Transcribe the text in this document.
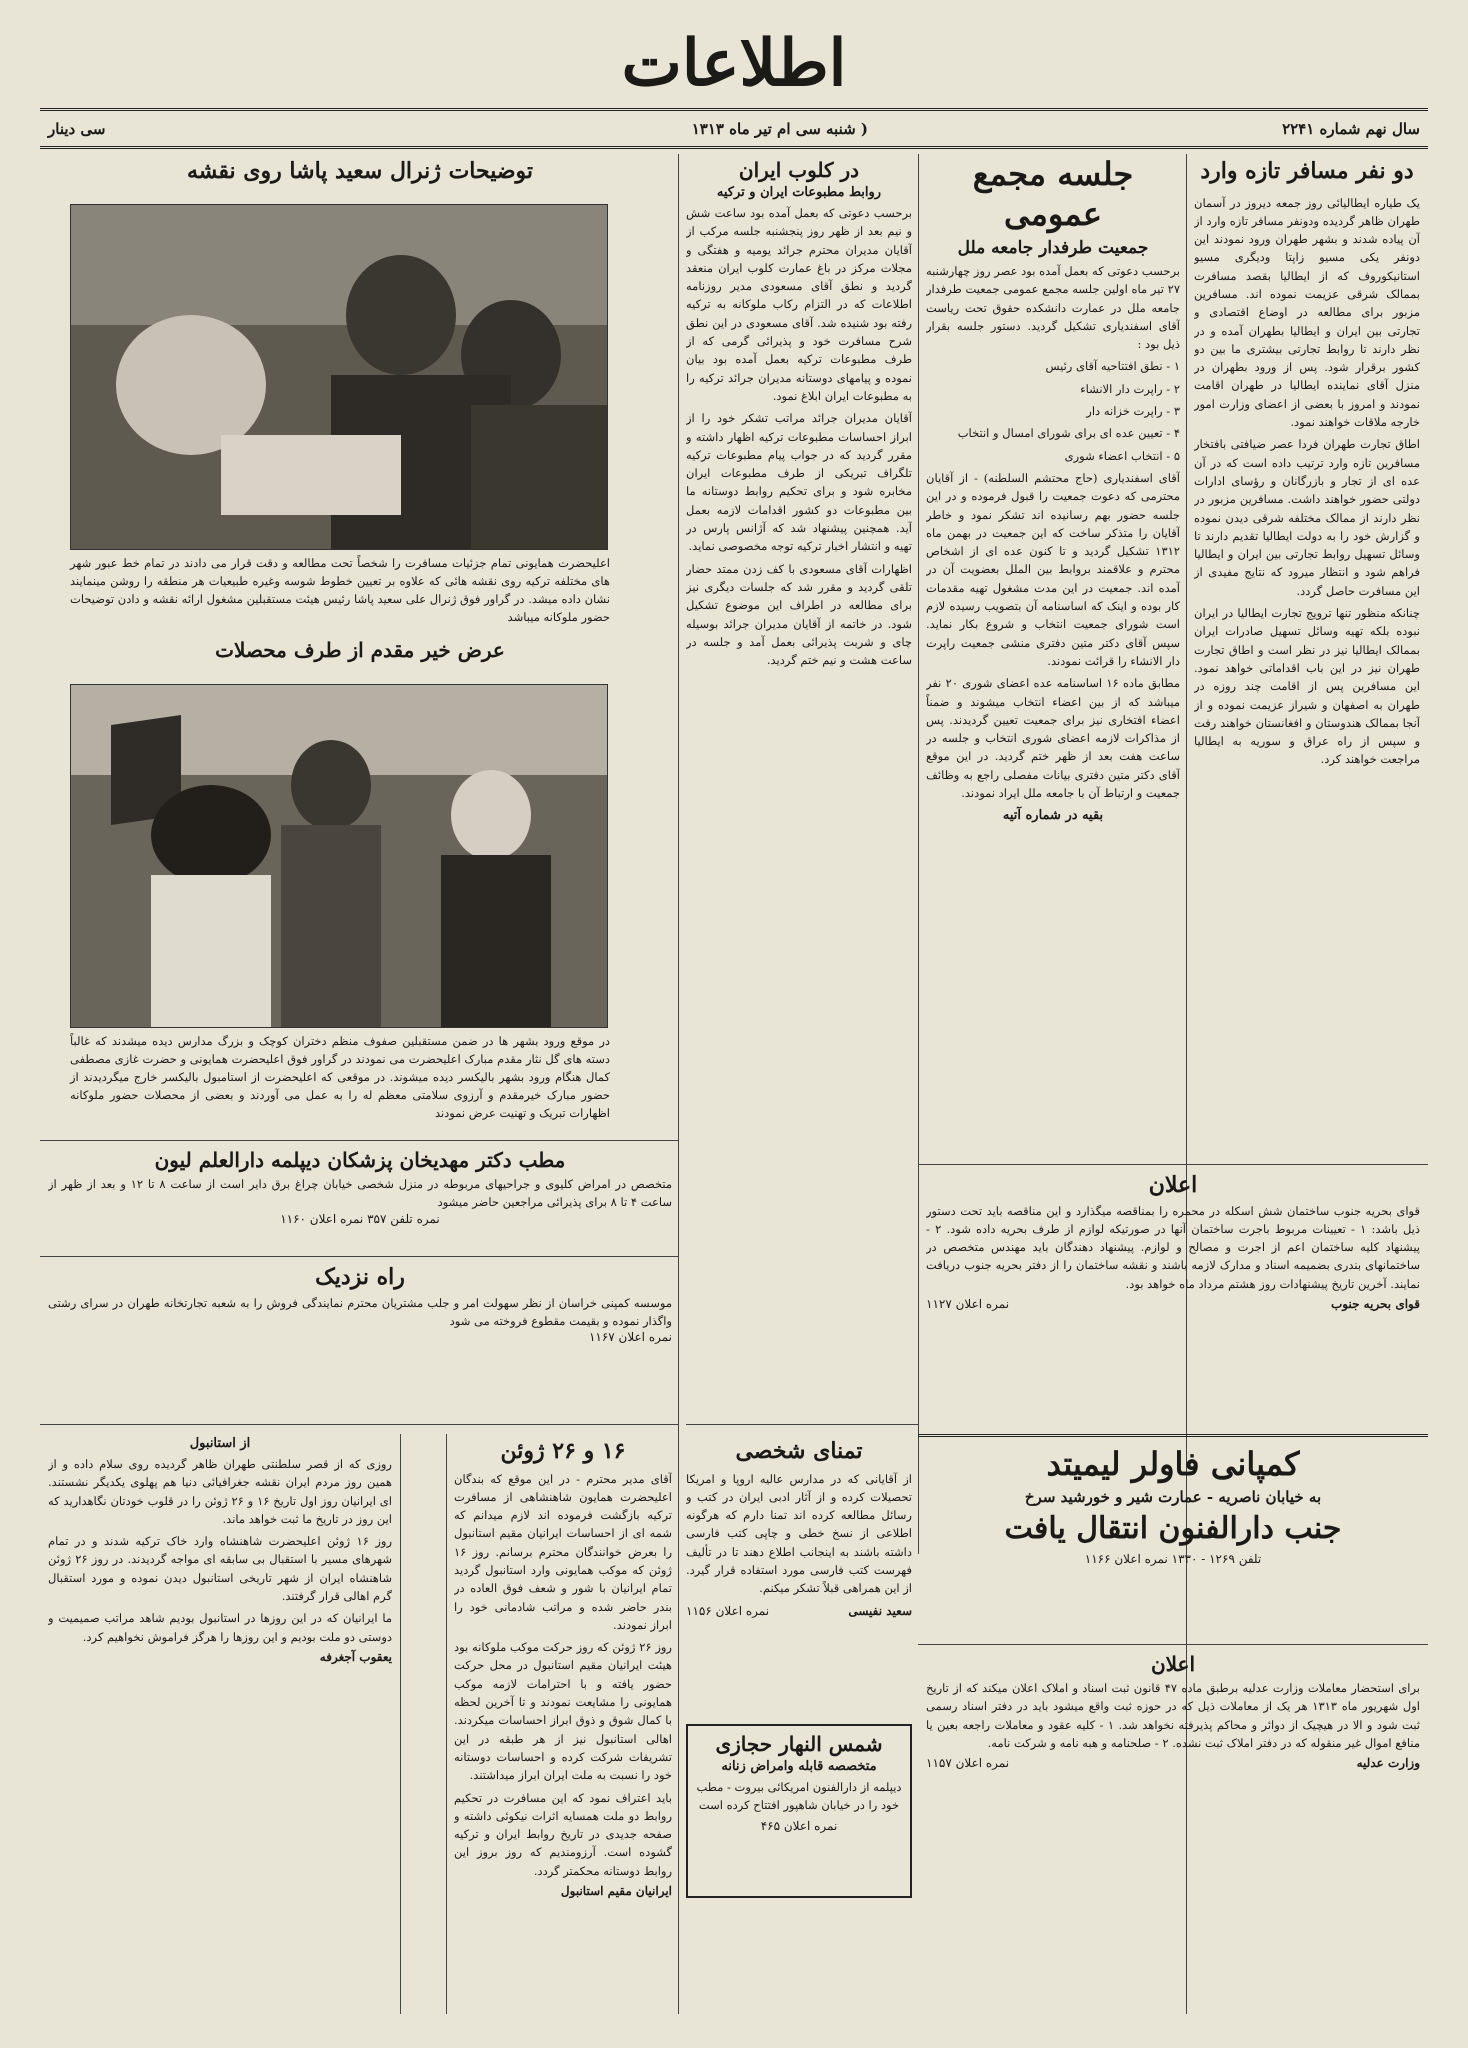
اطلاعات
سال نهم شماره ۲۲۴۱
( شنبه سی ام تیر ماه ۱۳۱۳
سی دینار
دو نفر مسافر تازه وارد

یک طیاره ایطالیائی روز جمعه دیروز در آسمان طهران ظاهر گردیده ودونفر مسافر تازه وارد از آن پیاده شدند و بشهر طهران ورود نمودند این دونفر یکی مسیو زاپتا ودیگری مسیو استانیکوروف که از ایطالیا بقصد مسافرت بممالک شرقی عزیمت نموده اند. مسافرین مزبور برای مطالعه در اوضاع اقتصادی و تجارتی بین ایران و ایطالیا بطهران آمده و در نظر دارند تا روابط تجارتی بیشتری ما بین دو کشور برقرار شود. پس از ورود بطهران در منزل آقای نماینده ایطالیا در طهران اقامت نمودند و امروز با بعضی از اعضای وزارت امور خارجه ملاقات خواهند نمود.

اطاق تجارت طهران فردا عصر ضیافتی بافتخار مسافرین تازه وارد ترتیب داده است که در آن عده ای از تجار و بازرگانان و رؤسای ادارات دولتی حضور خواهند داشت. مسافرین مزبور در نظر دارند از ممالک مختلفه شرقی دیدن نموده و گزارش خود را به دولت ایطالیا تقدیم دارند تا وسائل تسهیل روابط تجارتی بین ایران و ایطالیا فراهم شود و انتظار میرود که نتایج مفیدی از این مسافرت حاصل گردد.

چنانکه منظور تنها ترویج تجارت ایطالیا در ایران نبوده بلکه تهیه وسائل تسهیل صادرات ایران بممالک ایطالیا نیز در نظر است و اطاق تجارت طهران نیز در این باب اقداماتی خواهد نمود. این مسافرین پس از اقامت چند روزه در طهران به اصفهان و شیراز عزیمت نموده و از آنجا بممالک هندوستان و افغانستان خواهند رفت و سپس از راه عراق و سوریه به ایطالیا مراجعت خواهند کرد.

جلسه مجمع عمومی
جمعیت طرفدار جامعه ملل

برحسب دعوتی که بعمل آمده بود عصر روز چهارشنبه ۲۷ تیر ماه اولین جلسه مجمع عمومی جمعیت طرفدار جامعه ملل در عمارت دانشکده حقوق تحت ریاست آقای اسفندیاری تشکیل گردید. دستور جلسه بقرار ذیل بود :

۱ - نطق افتتاحیه آقای رئیس

۲ - راپرت دار الانشاء

۳ - راپرت خزانه دار

۴ - تعیین عده ای برای شورای امسال و انتخاب

۵ - انتخاب اعضاء شوری

آقای اسفندیاری (حاج محتشم السلطنه) - از آقایان محترمی که دعوت جمعیت را قبول فرموده و در این جلسه حضور بهم رسانیده اند تشکر نمود و خاطر آقایان را متذکر ساخت که این جمعیت در بهمن ماه ۱۳۱۲ تشکیل گردید و تا کنون عده ای از اشخاص محترم و علاقمند بروابط بین الملل بعضویت آن در آمده اند. جمعیت در این مدت مشغول تهیه مقدمات کار بوده و اینک که اساسنامه آن بتصویب رسیده لازم است شورای جمعیت انتخاب و شروع بکار نماید. سپس آقای دکتر متین دفتری منشی جمعیت راپرت دار الانشاء را قرائت نمودند.

مطابق ماده ۱۶ اساسنامه عده اعضای شوری ۲۰ نفر میباشد که از بین اعضاء انتخاب میشوند و ضمناً اعضاء افتخاری نیز برای جمعیت تعیین گردیدند. پس از مذاکرات لازمه اعضای شوری انتخاب و جلسه در ساعت هفت بعد از ظهر ختم گردید. در این موقع آقای دکتر متین دفتری بیانات مفصلی راجع به وظائف جمعیت و ارتباط آن با جامعه ملل ایراد نمودند.

بقیه در شماره آتیه
در کلوب ایران
روابط مطبوعات ایران و ترکیه

برحسب دعوتی که بعمل آمده بود ساعت شش و نیم بعد از ظهر روز پنجشنبه جلسه مرکب از آقایان مدیران محترم جرائد یومیه و هفتگی و مجلات مرکز در باغ عمارت کلوب ایران منعقد گردید و نطق آقای مسعودی مدیر روزنامه اطلاعات که در التزام رکاب ملوکانه به ترکیه رفته بود شنیده شد. آقای مسعودی در این نطق شرح مسافرت خود و پذیرائی گرمی که از طرف مطبوعات ترکیه بعمل آمده بود بیان نموده و پیامهای دوستانه مدیران جرائد ترکیه را به مطبوعات ایران ابلاغ نمود.

آقایان مدیران جرائد مراتب تشکر خود را از ابراز احساسات مطبوعات ترکیه اظهار داشته و مقرر گردید که در جواب پیام مطبوعات ترکیه تلگراف تبریکی از طرف مطبوعات ایران مخابره شود و برای تحکیم روابط دوستانه ما بین مطبوعات دو کشور اقدامات لازمه بعمل آید. همچنین پیشنهاد شد که آژانس پارس در تهیه و انتشار اخبار ترکیه توجه مخصوصی نماید.

اظهارات آقای مسعودی با کف زدن ممتد حضار تلقی گردید و مقرر شد که جلسات دیگری نیز برای مطالعه در اطراف این موضوع تشکیل شود. در خاتمه از آقایان مدیران جرائد بوسیله چای و شربت پذیرائی بعمل آمد و جلسه در ساعت هشت و نیم ختم گردید.

تمنای شخصی
از آقایانی که در مدارس عالیه اروپا و امریکا تحصیلات کرده و از آثار ادبی ایران در کتب و رسائل مطالعه کرده اند تمنا دارم که هرگونه اطلاعی از نسخ خطی و چاپی کتب فارسی داشته باشند به اینجانب اطلاع دهند تا در تألیف فهرست کتب فارسی مورد استفاده قرار گیرد. از این همراهی قبلاً تشکر میکنم.
سعید نفیسی
نمره اعلان ۱۱۵۶
شمس النهار حجازی
متخصصه قابله وامراض زنانه
دیپلمه از دارالفنون امریکائی بیروت - مطب خود را در خیابان شاهپور افتتاح کرده است
نمره اعلان ۴۶۵
توضیحات ژنرال سعید پاشا روی نقشه
اعلیحضرت همایونی تمام جزئیات مسافرت را شخصاً تحت مطالعه و دقت قرار می دادند در تمام خط عبور شهر های مختلفه ترکیه روی نقشه هائی که علاوه بر تعیین خطوط شوسه وغیره طبیعیات هر منطقه را روشن مینمایند نشان داده میشد. در گراور فوق ژنرال علی سعید پاشا رئیس هیئت مستقبلین مشغول ارائه نقشه و دادن توضیحات حضور ملوکانه میباشد
عرض خیر مقدم از طرف محصلات
در موقع ورود بشهر ها در ضمن مستقبلین صفوف منظم دختران کوچک و بزرگ مدارس دیده میشدند که غالباً دسته های گل نثار مقدم مبارک اعلیحضرت می نمودند در گراور فوق اعلیحضرت همایونی و حضرت غازی مصطفی کمال هنگام ورود بشهر بالیکسر دیده میشوند. در موقعی که اعلیحضرت از استامبول بالیکسر خارج میگردیدند از حضور مبارک خیرمقدم و آرزوی سلامتی معظم له را به عمل می آوردند و بعضی از محصلات حضور ملوکانه اظهارات تبریک و تهنیت عرض نمودند
مطب دکتر مهدیخان پزشکان دیپلمه دارالعلم لیون
متخصص در امراض کلیوی و جراحیهای مربوطه در منزل شخصی خیابان چراغ برق دایر است از ساعت ۸ تا ۱۲ و بعد از ظهر از ساعت ۴ تا ۸ برای پذیرائی مراجعین حاضر میشود
نمره تلفن ۳۵۷ نمره اعلان ۱۱۶۰
راه نزدیک
موسسه کمپنی خراسان از نظر سهولت امر و جلب مشتریان محترم نمایندگی فروش را به شعبه تجارتخانه طهران در سرای رشتی واگذار نموده و بقیمت مقطوع فروخته می شود
نمره اعلان ۱۱۶۷
اعلان
قوای بحریه جنوب ساختمان شش اسکله در محمره را بمناقصه میگذارد و این مناقصه باید تحت دستور ذیل باشد: ۱ - تعیینات مربوط باجرت ساختمان آنها در صورتیکه لوازم از طرف بحریه داده شود. ۲ - پیشنهاد کلیه ساختمان اعم از اجرت و مصالح و لوازم. پیشنهاد دهندگان باید مهندس متخصص در ساختمانهای بندری بضمیمه اسناد و مدارک لازمه باشند و نقشه ساختمان را از دفتر بحریه جنوب دریافت نمایند. آخرین تاریخ پیشنهادات روز هشتم مرداد ماه خواهد بود.
قوای بحریه جنوب
نمره اعلان ۱۱۲۷
کمپانی فاولر لیمیتد
به خیابان ناصریه - عمارت شیر و خورشید سرخ
جنب دارالفنون انتقال یافت
تلفن ۱۲۶۹ - ۱۳۳۰ نمره اعلان ۱۱۶۶
اعلان
برای استحضار معاملات وزارت عدلیه برطبق ماده ۴۷ قانون ثبت اسناد و املاک اعلان میکند که از تاریخ اول شهریور ماه ۱۳۱۳ هر یک از معاملات ذیل که در حوزه ثبت واقع میشود باید در دفتر اسناد رسمی ثبت شود و الا در هیچیک از دوائر و محاکم پذیرفته نخواهد شد. ۱ - کلیه عقود و معاملات راجعه بعین یا منافع اموال غیر منقوله که در دفتر املاک ثبت نشده. ۲ - صلحنامه و هبه نامه و شرکت نامه.
وزارت عدلیه
نمره اعلان ۱۱۵۷
۱۶ و ۲۶ ژوئن

آقای مدیر محترم - در این موقع که بندگان اعلیحضرت همایون شاهنشاهی از مسافرت ترکیه بازگشت فرموده اند لازم میدانم که شمه ای از احساسات ایرانیان مقیم استانبول را بعرض خوانندگان محترم برسانم. روز ۱۶ ژوئن که موکب همایونی وارد استانبول گردید تمام ایرانیان با شور و شعف فوق العاده در بندر حاضر شده و مراتب شادمانی خود را ابراز نمودند.

روز ۲۶ ژوئن که روز حرکت موکب ملوکانه بود هیئت ایرانیان مقیم استانبول در محل حرکت حضور یافته و با احترامات لازمه موکب همایونی را مشایعت نمودند و تا آخرین لحظه با کمال شوق و ذوق ابراز احساسات میکردند. اهالی استانبول نیز از هر طبقه در این تشریفات شرکت کرده و احساسات دوستانه خود را نسبت به ملت ایران ابراز میداشتند.

باید اعتراف نمود که این مسافرت در تحکیم روابط دو ملت همسایه اثرات نیکوئی داشته و صفحه جدیدی در تاریخ روابط ایران و ترکیه گشوده است. آرزومندیم که روز بروز این روابط دوستانه محکمتر گردد.

ایرانیان مقیم استانبول
از استانبول

روزی که از قصر سلطنتی طهران ظاهر گردیده روی سلام داده و از همین روز مردم ایران نقشه جغرافیائی دنیا هم پهلوی یکدیگر نشستند. ای ایرانیان روز اول تاریخ ۱۶ و ۲۶ ژوئن را در قلوب خودتان نگاهدارید که این روز در تاریخ ما ثبت خواهد ماند.

روز ۱۶ ژوئن اعلیحضرت شاهنشاه وارد خاک ترکیه شدند و در تمام شهرهای مسیر با استقبال بی سابقه ای مواجه گردیدند. در روز ۲۶ ژوئن شاهنشاه ایران از شهر تاریخی استانبول دیدن نموده و مورد استقبال گرم اهالی قرار گرفتند.

ما ایرانیان که در این روزها در استانبول بودیم شاهد مراتب صمیمیت و دوستی دو ملت بودیم و این روزها را هرگز فراموش نخواهیم کرد.

یعقوب آجغرفه
